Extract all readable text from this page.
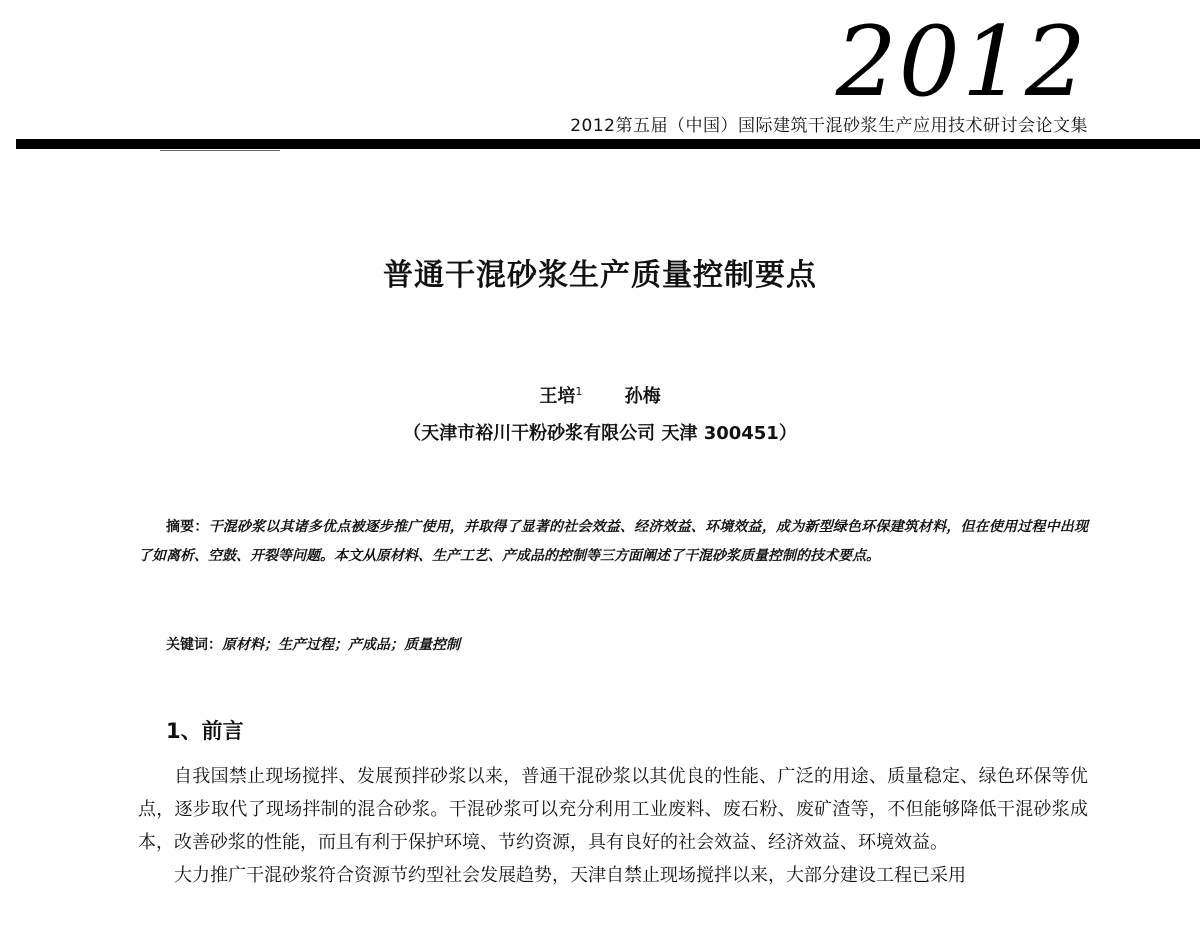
2012
2012第五届（中国）国际建筑干混砂浆生产应用技术研讨会论文集
普通干混砂浆生产质量控制要点
王培$^1$ 孙梅
（天津市裕川干粉砂浆有限公司 天津 300451）
摘要：干混砂浆以其诸多优点被逐步推广使用，并取得了显著的社会效益、经济效益、环境效益，成为新型绿色环保建筑材料，但在使用过程中出现了如离析、空鼓、开裂等问题。本文从原材料、生产工艺、产成品的控制等三方面阐述了干混砂浆质量控制的技术要点。
关键词：原材料；生产过程；产成品；质量控制
1、前言

自我国禁止现场搅拌、发展预拌砂浆以来，普通干混砂浆以其优良的性能、广泛的用途、质量稳定、绿色环保等优点，逐步取代了现场拌制的混合砂浆。干混砂浆可以充分利用工业废料、废石粉、废矿渣等，不但能够降低干混砂浆成本，改善砂浆的性能，而且有利于保护环境、节约资源，具有良好的社会效益、经济效益、环境效益。

大力推广干混砂浆符合资源节约型社会发展趋势，天津自禁止现场搅拌以来，大部分建设工程已采用
